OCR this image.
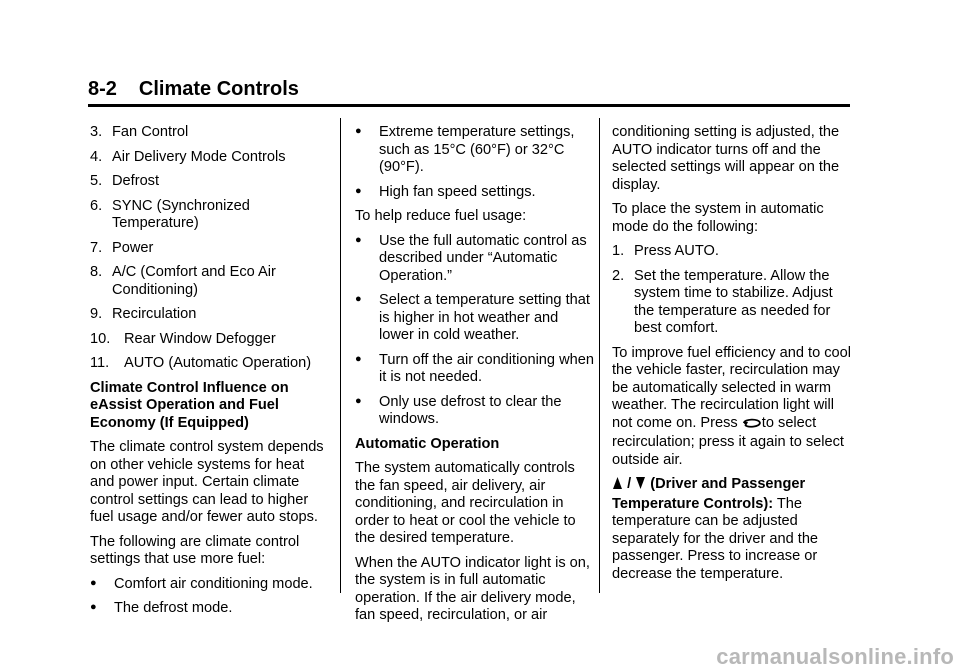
8-2 Climate Controls
3. Fan Control
4. Air Delivery Mode Controls
5. Defrost
6. SYNC (Synchronized Temperature)
7. Power
8. A/C (Comfort and Eco Air Conditioning)
9. Recirculation
10. Rear Window Defogger
11.	AUTO (Automatic Operation)

Climate Control Influence on eAssist Operation and Fuel Economy (If Equipped)

The climate control system depends on other vehicle systems for heat and power input. Certain climate control settings can lead to higher fuel usage and/or fewer auto stops.

The following are climate control settings that use more fuel:

●	Comfort air conditioning mode.
●	The defrost mode.
●	Extreme temperature settings, such as 15°C (60°F) or 32°C (90°F).
●	High fan speed settings.

To help reduce fuel usage:

●	Use the full automatic control as described under “Automatic Operation.”
●	Select a temperature setting that is higher in hot weather and lower in cold weather.
●	Turn off the air conditioning when it is not needed.
●	Only use defrost to clear the windows.

Automatic Operation

The system automatically controls the fan speed, air delivery, air conditioning, and recirculation in order to heat or cool the vehicle to the desired temperature.

When the AUTO indicator light is on, the system is in full automatic operation. If the air delivery mode, fan speed, recirculation, or air

conditioning setting is adjusted, the AUTO indicator turns off and the selected settings will appear on the display.

To place the system in automatic mode do the following:

1. Press AUTO.
2. Set the temperature. Allow the system time to stabilize. Adjust the temperature as needed for best comfort.

To improve fuel efficiency and to cool the vehicle faster, recirculation may be automatically selected in warm weather. The recirculation light will not come on. Press to select recirculation; press it again to select outside air.

/ (Driver and Passenger Temperature Controls): The temperature can be adjusted separately for the driver and the passenger. Press to increase or decrease the temperature.

carmanualsonline.info
